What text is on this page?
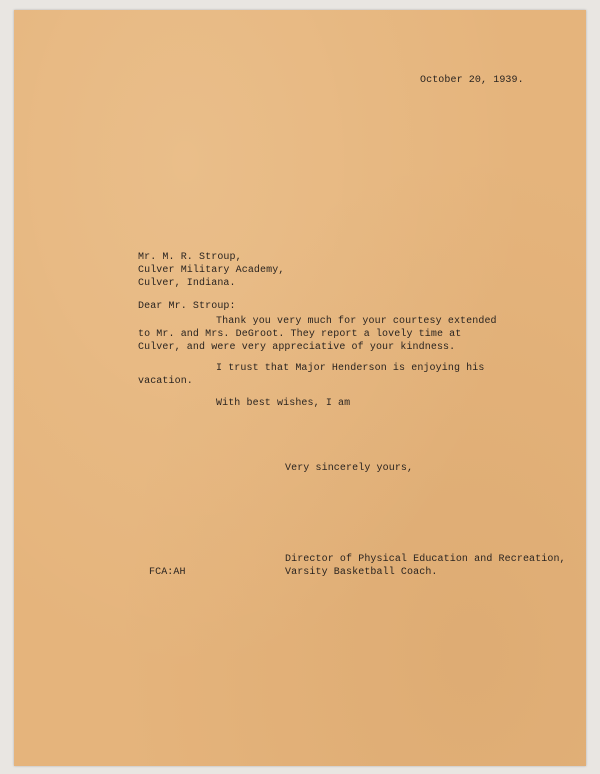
October 20, 1939.
Mr. M. R. Stroup,
Culver Military Academy,
Culver, Indiana.
Dear Mr. Stroup:
Thank you very much for your courtesy extended
to Mr. and Mrs. DeGroot. They report a lovely time at
Culver, and were very appreciative of your kindness.
I trust that Major Henderson is enjoying his
vacation.
With best wishes, I am
Very sincerely yours,
Director of Physical Education and Recreation,
Varsity Basketball Coach.
FCA:AH
